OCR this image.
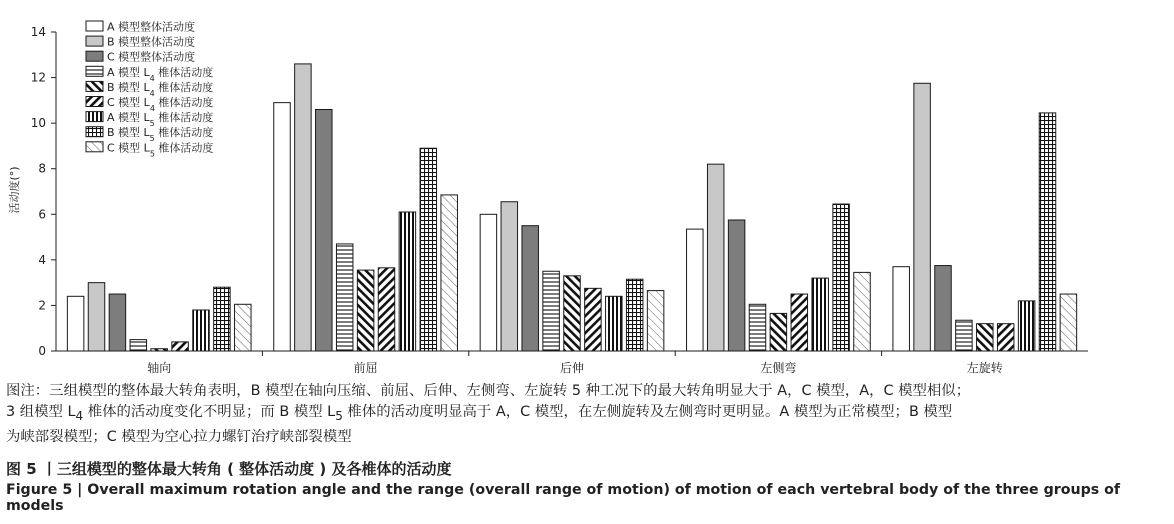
活动度(°)
0
2
4
6
8
10
12
14
轴向	前屈	后伸	左侧弯	左旋转
A 模型整体活动度
B 模型整体活动度
C 模型整体活动度
A 模型 $L_4$ 椎体活动度
B 模型 $L_4$ 椎体活动度
C 模型 $L_4$ 椎体活动度
A 模型 $L_5$ 椎体活动度
B 模型 $L_5$ 椎体活动度
C 模型 $L_5$ 椎体活动度

图注：三组模型的整体最大转角表明，B 模型在轴向压缩、前屈、后伸、左侧弯、左旋转 5 种工况下的最大转角明显大于 A，C 模型，A，C 模型相似；

3 组模型 $L_4$ 椎体的活动度变化不明显；而 B 模型 $L_5$ 椎体的活动度明显高于 A，C 模型，在左侧旋转及左侧弯时更明显。A 模型为正常模型；B 模型

为峡部裂模型；C 模型为空心拉力螺钉治疗峡部裂模型

图 5 丨三组模型的整体最大转角 ( 整体活动度 ) 及各椎体的活动度
Figure 5 | Overall maximum rotation angle and the range (overall range of motion) of motion of each vertebral body of the three groups of models
